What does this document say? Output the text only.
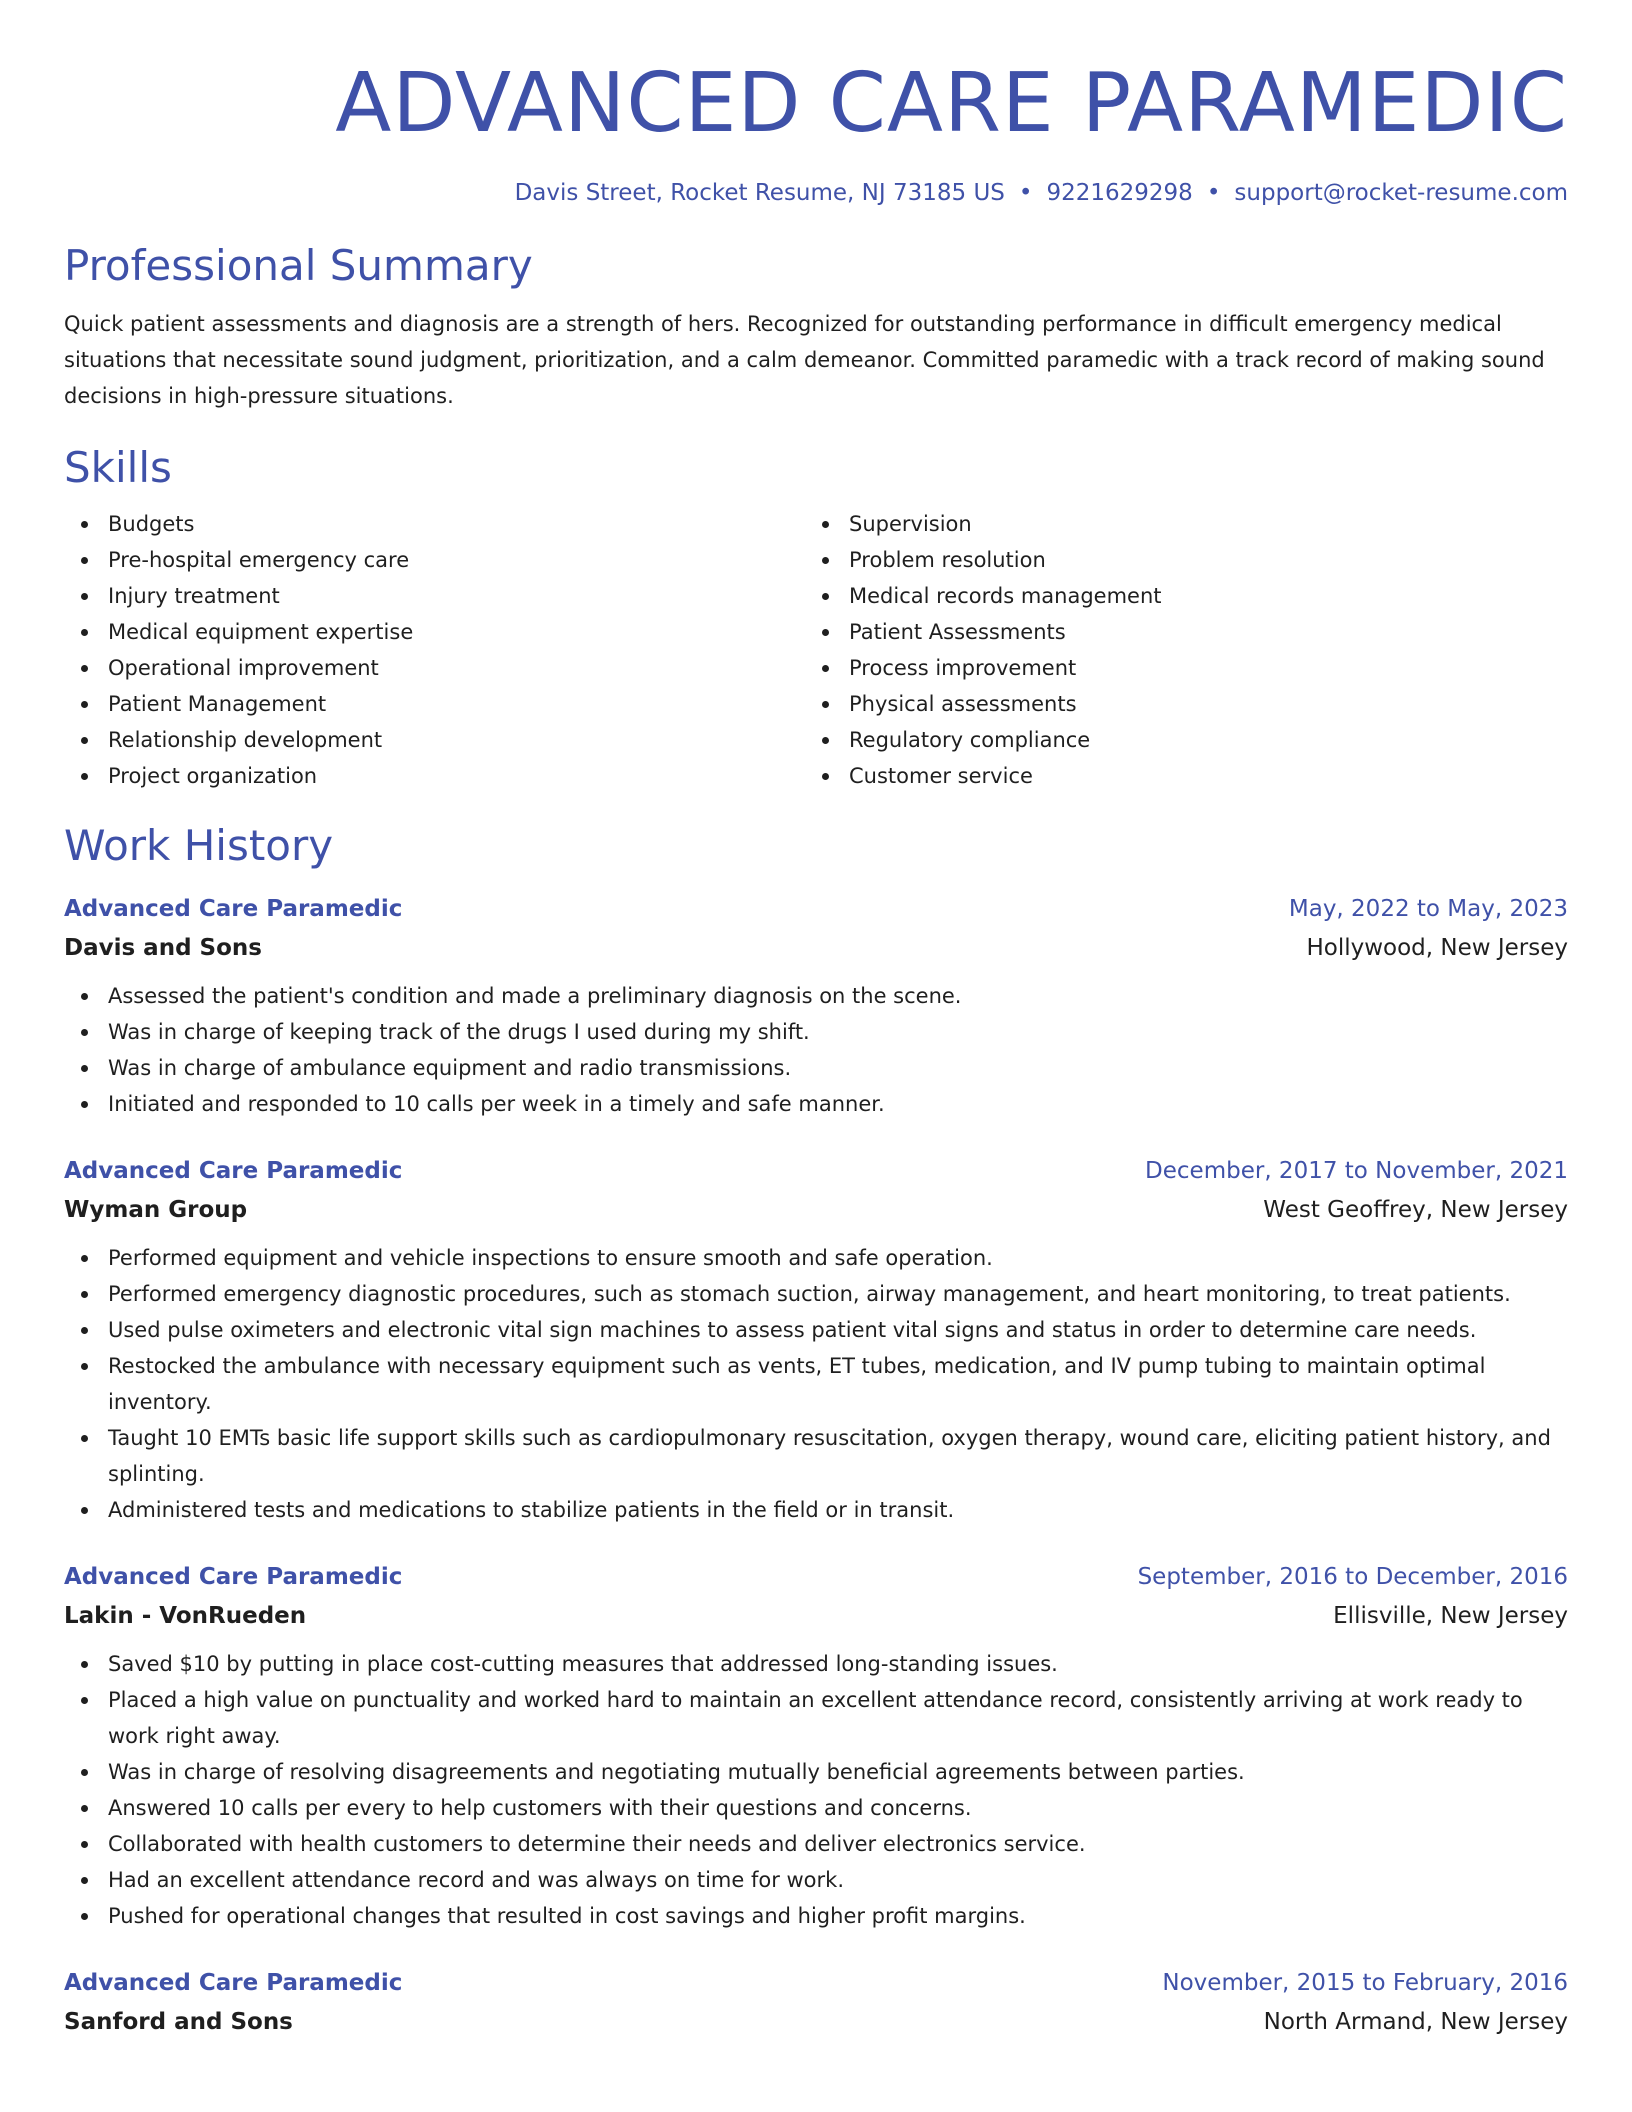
ADVANCED CARE PARAMEDIC
Davis Street, Rocket Resume, NJ 73185 US • 9221629298 • support@rocket-resume.com
Professional Summary
Quick patient assessments and diagnosis are a strength of hers. Recognized for outstanding performance in difficult emergency medical situations that necessitate sound judgment, prioritization, and a calm demeanor. Committed paramedic with a track record of making sound decisions in high-pressure situations.
Skills
Budgets
Pre-hospital emergency care
Injury treatment
Medical equipment expertise
Operational improvement
Patient Management
Relationship development
Project organization
Supervision
Problem resolution
Medical records management
Patient Assessments
Process improvement
Physical assessments
Regulatory compliance
Customer service
Work History
Advanced Care Paramedic	May, 2022 to May, 2023
Davis and Sons	Hollywood, New Jersey
Assessed the patient's condition and made a preliminary diagnosis on the scene.
Was in charge of keeping track of the drugs I used during my shift.
Was in charge of ambulance equipment and radio transmissions.
Initiated and responded to 10 calls per week in a timely and safe manner.
Advanced Care Paramedic	December, 2017 to November, 2021
Wyman Group	West Geoffrey, New Jersey
Performed equipment and vehicle inspections to ensure smooth and safe operation.
Performed emergency diagnostic procedures, such as stomach suction, airway management, and heart monitoring, to treat patients.
Used pulse oximeters and electronic vital sign machines to assess patient vital signs and status in order to determine care needs.
Restocked the ambulance with necessary equipment such as vents, ET tubes, medication, and IV pump tubing to maintain optimal inventory.
Taught 10 EMTs basic life support skills such as cardiopulmonary resuscitation, oxygen therapy, wound care, eliciting patient history, and splinting.
Administered tests and medications to stabilize patients in the field or in transit.
Advanced Care Paramedic	September, 2016 to December, 2016
Lakin - VonRueden	Ellisville, New Jersey
Saved $10 by putting in place cost-cutting measures that addressed long-standing issues.
Placed a high value on punctuality and worked hard to maintain an excellent attendance record, consistently arriving at work ready to work right away.
Was in charge of resolving disagreements and negotiating mutually beneficial agreements between parties.
Answered 10 calls per every to help customers with their questions and concerns.
Collaborated with health customers to determine their needs and deliver electronics service.
Had an excellent attendance record and was always on time for work.
Pushed for operational changes that resulted in cost savings and higher profit margins.
Advanced Care Paramedic	November, 2015 to February, 2016
Sanford and Sons	North Armand, New Jersey
